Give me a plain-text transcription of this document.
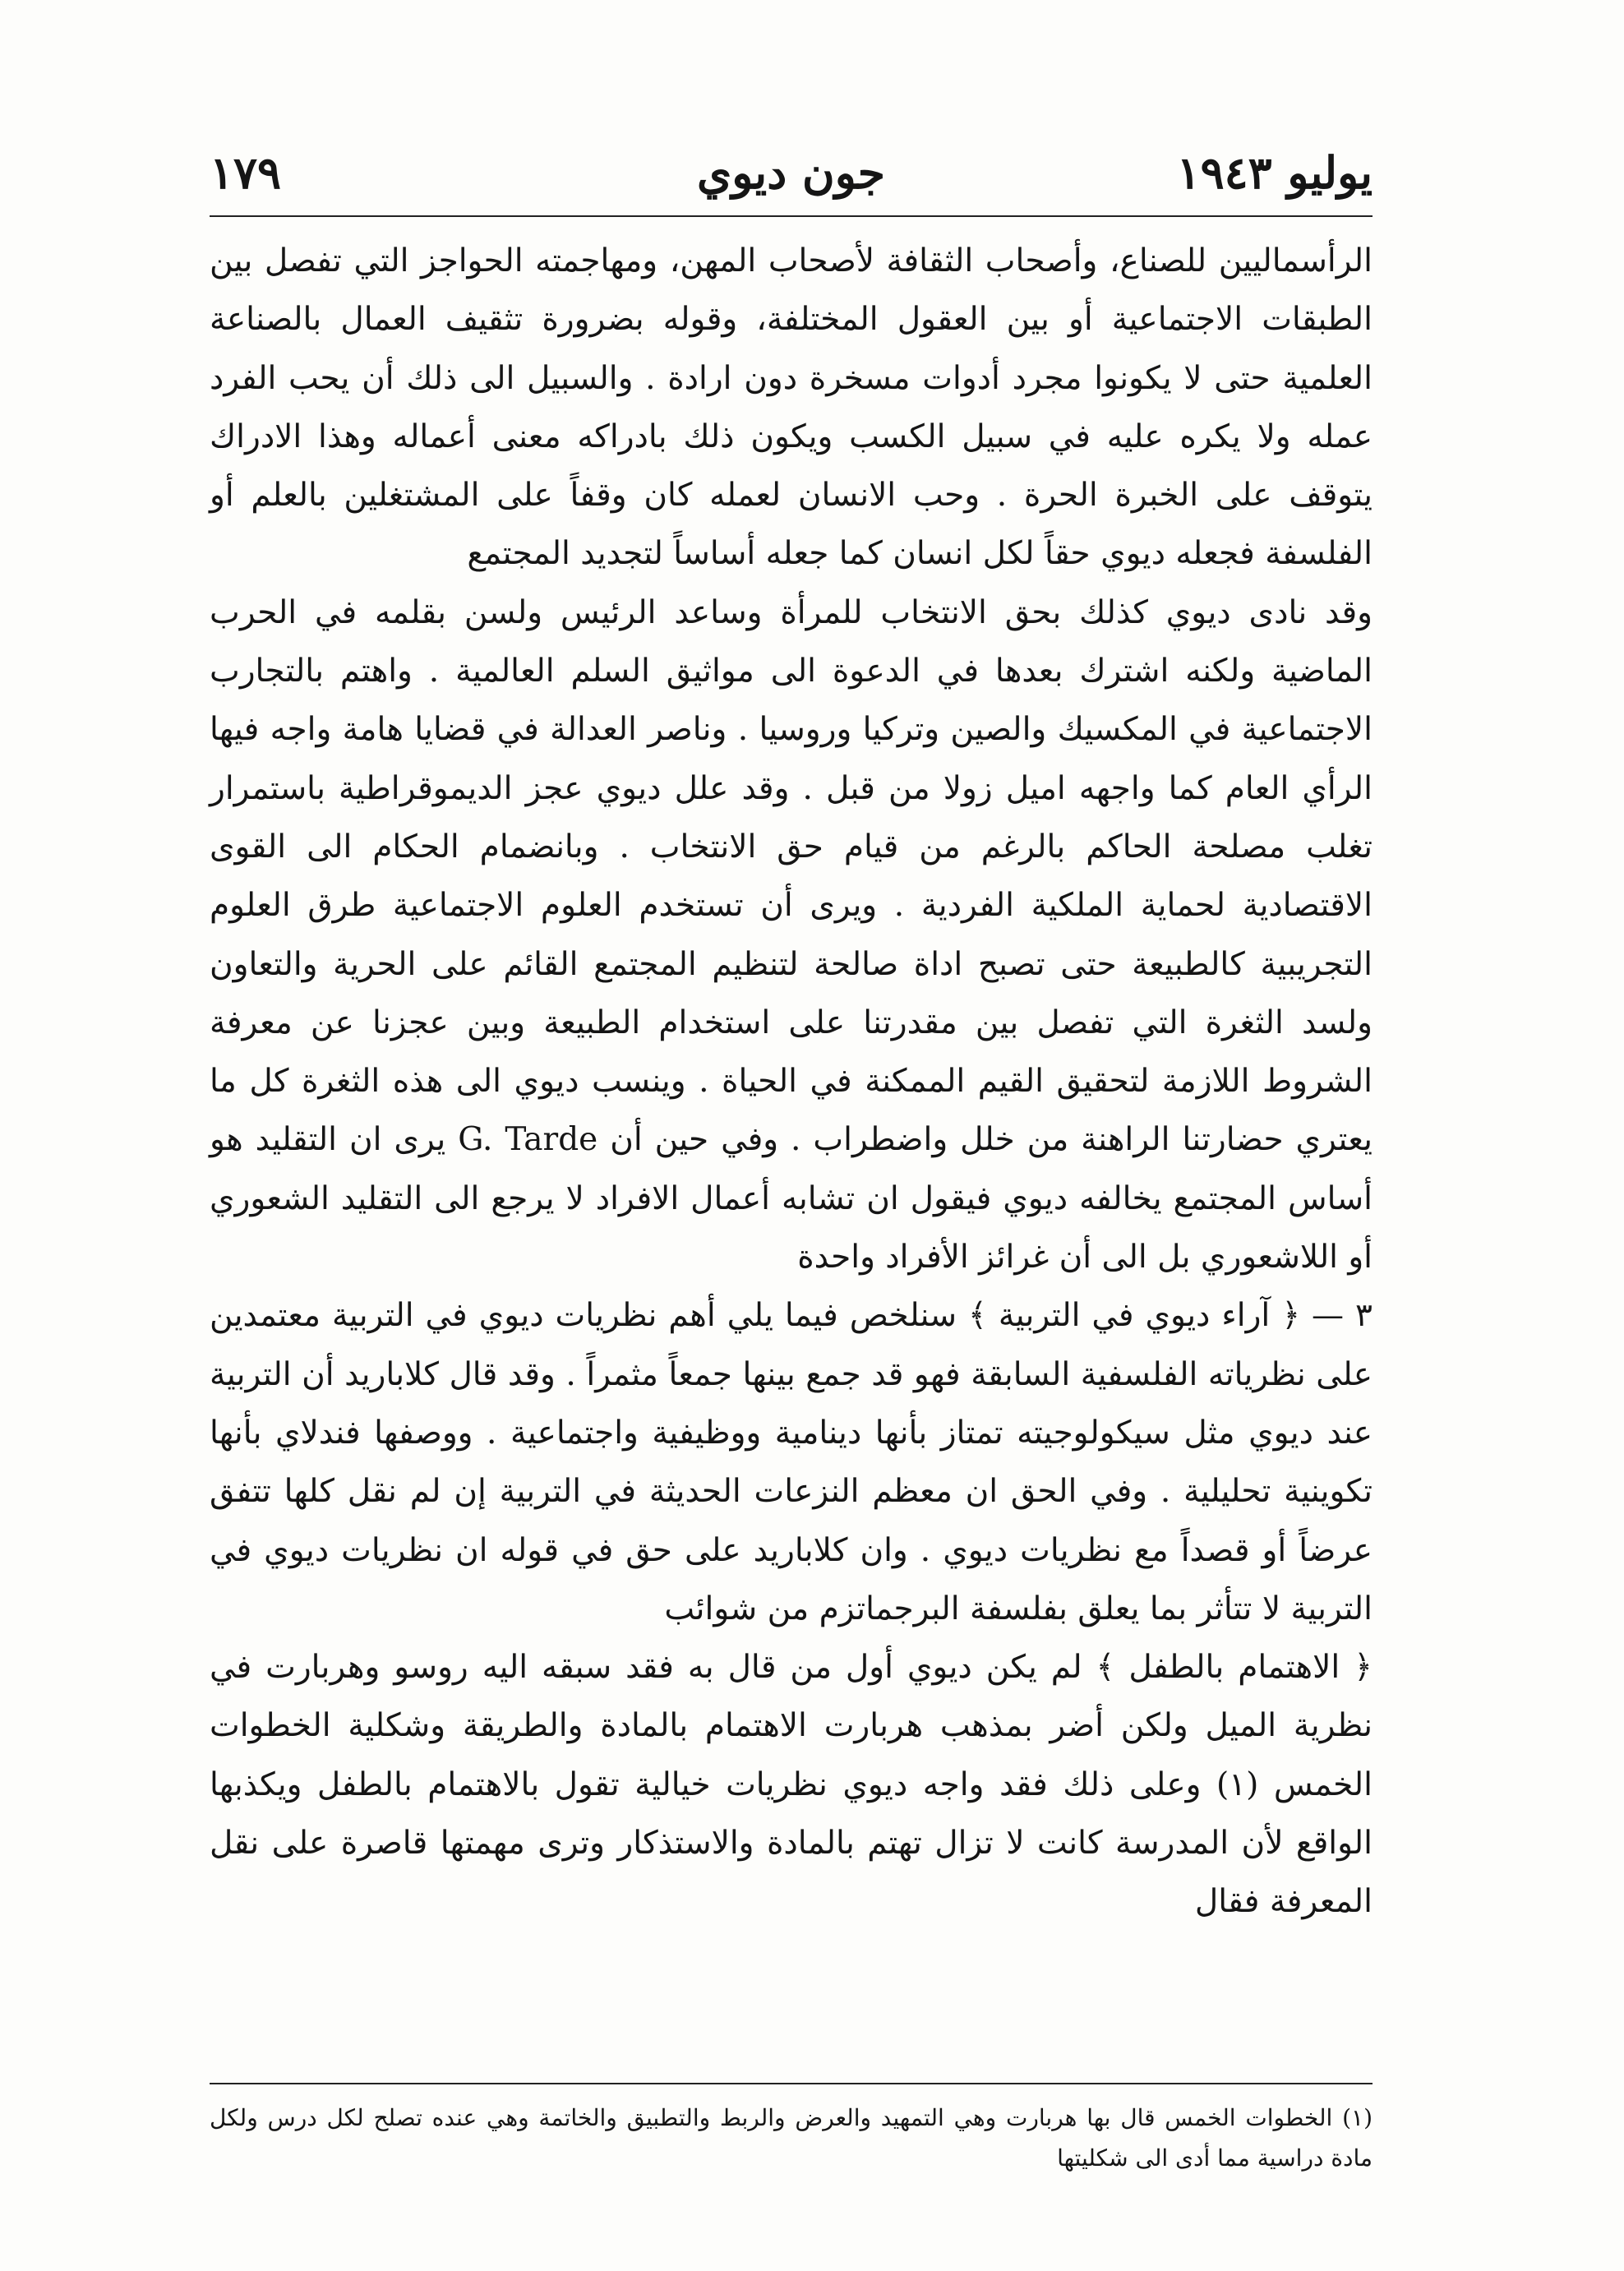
يوليو ١٩٤٣
جون ديوي
١٧٩

الرأسماليين للصناع، وأصحاب الثقافة لأصحاب المهن، ومهاجمته الحواجز التي تفصل بين الطبقات الاجتماعية أو بين العقول المختلفة، وقوله بضرورة تثقيف العمال بالصناعة العلمية حتى لا يكونوا مجرد أدوات مسخرة دون ارادة . والسبيل الى ذلك أن يحب الفرد عمله ولا يكره عليه في سبيل الكسب ويكون ذلك بادراكه معنى أعماله وهذا الادراك يتوقف على الخبرة الحرة . وحب الانسان لعمله كان وقفاً على المشتغلين بالعلم أو الفلسفة فجعله ديوي حقاً لكل انسان كما جعله أساساً لتجديد المجتمع

وقد نادى ديوي كذلك بحق الانتخاب للمرأة وساعد الرئيس ولسن بقلمه في الحرب الماضية ولكنه اشترك بعدها في الدعوة الى مواثيق السلم العالمية . واهتم بالتجارب الاجتماعية في المكسيك والصين وتركيا وروسيا . وناصر العدالة في قضايا هامة واجه فيها الرأي العام كما واجهه اميل زولا من قبل . وقد علل ديوي عجز الديموقراطية باستمرار تغلب مصلحة الحاكم بالرغم من قيام حق الانتخاب . وبانضمام الحكام الى القوى الاقتصادية لحماية الملكية الفردية . ويرى أن تستخدم العلوم الاجتماعية طرق العلوم التجريبية كالطبيعة حتى تصبح اداة صالحة لتنظيم المجتمع القائم على الحرية والتعاون ولسد الثغرة التي تفصل بين مقدرتنا على استخدام الطبيعة وبين عجزنا عن معرفة الشروط اللازمة لتحقيق القيم الممكنة في الحياة . وينسب ديوي الى هذه الثغرة كل ما يعتري حضارتنا الراهنة من خلل واضطراب . وفي حين أن G. Tarde يرى ان التقليد هو أساس المجتمع يخالفه ديوي فيقول ان تشابه أعمال الافراد لا يرجع الى التقليد الشعوري أو اللاشعوري بل الى أن غرائز الأفراد واحدة

٣ — ﴿ آراء ديوي في التربية ﴾ سنلخص فيما يلي أهم نظريات ديوي في التربية معتمدين على نظرياته الفلسفية السابقة فهو قد جمع بينها جمعاً مثمراً . وقد قال كلاباريد أن التربية عند ديوي مثل سيكولوجيته تمتاز بأنها دينامية ووظيفية واجتماعية . ووصفها فندلاي بأنها تكوينية تحليلية . وفي الحق ان معظم النزعات الحديثة في التربية إن لم نقل كلها تتفق عرضاً أو قصداً مع نظريات ديوي . وان كلاباريد على حق في قوله ان نظريات ديوي في التربية لا تتأثر بما يعلق بفلسفة البرجماتزم من شوائب

﴿ الاهتمام بالطفل ﴾ لم يكن ديوي أول من قال به فقد سبقه اليه روسو وهربارت في نظرية الميل ولكن أضر بمذهب هربارت الاهتمام بالمادة والطريقة وشكلية الخطوات الخمس (١) وعلى ذلك فقد واجه ديوي نظريات خيالية تقول بالاهتمام بالطفل ويكذبها الواقع لأن المدرسة كانت لا تزال تهتم بالمادة والاستذكار وترى مهمتها قاصرة على نقل المعرفة فقال

(١) الخطوات الخمس قال بها هربارت وهي التمهيد والعرض والربط والتطبيق والخاتمة وهي عنده تصلح لكل درس ولكل مادة دراسية مما أدى الى شكليتها
